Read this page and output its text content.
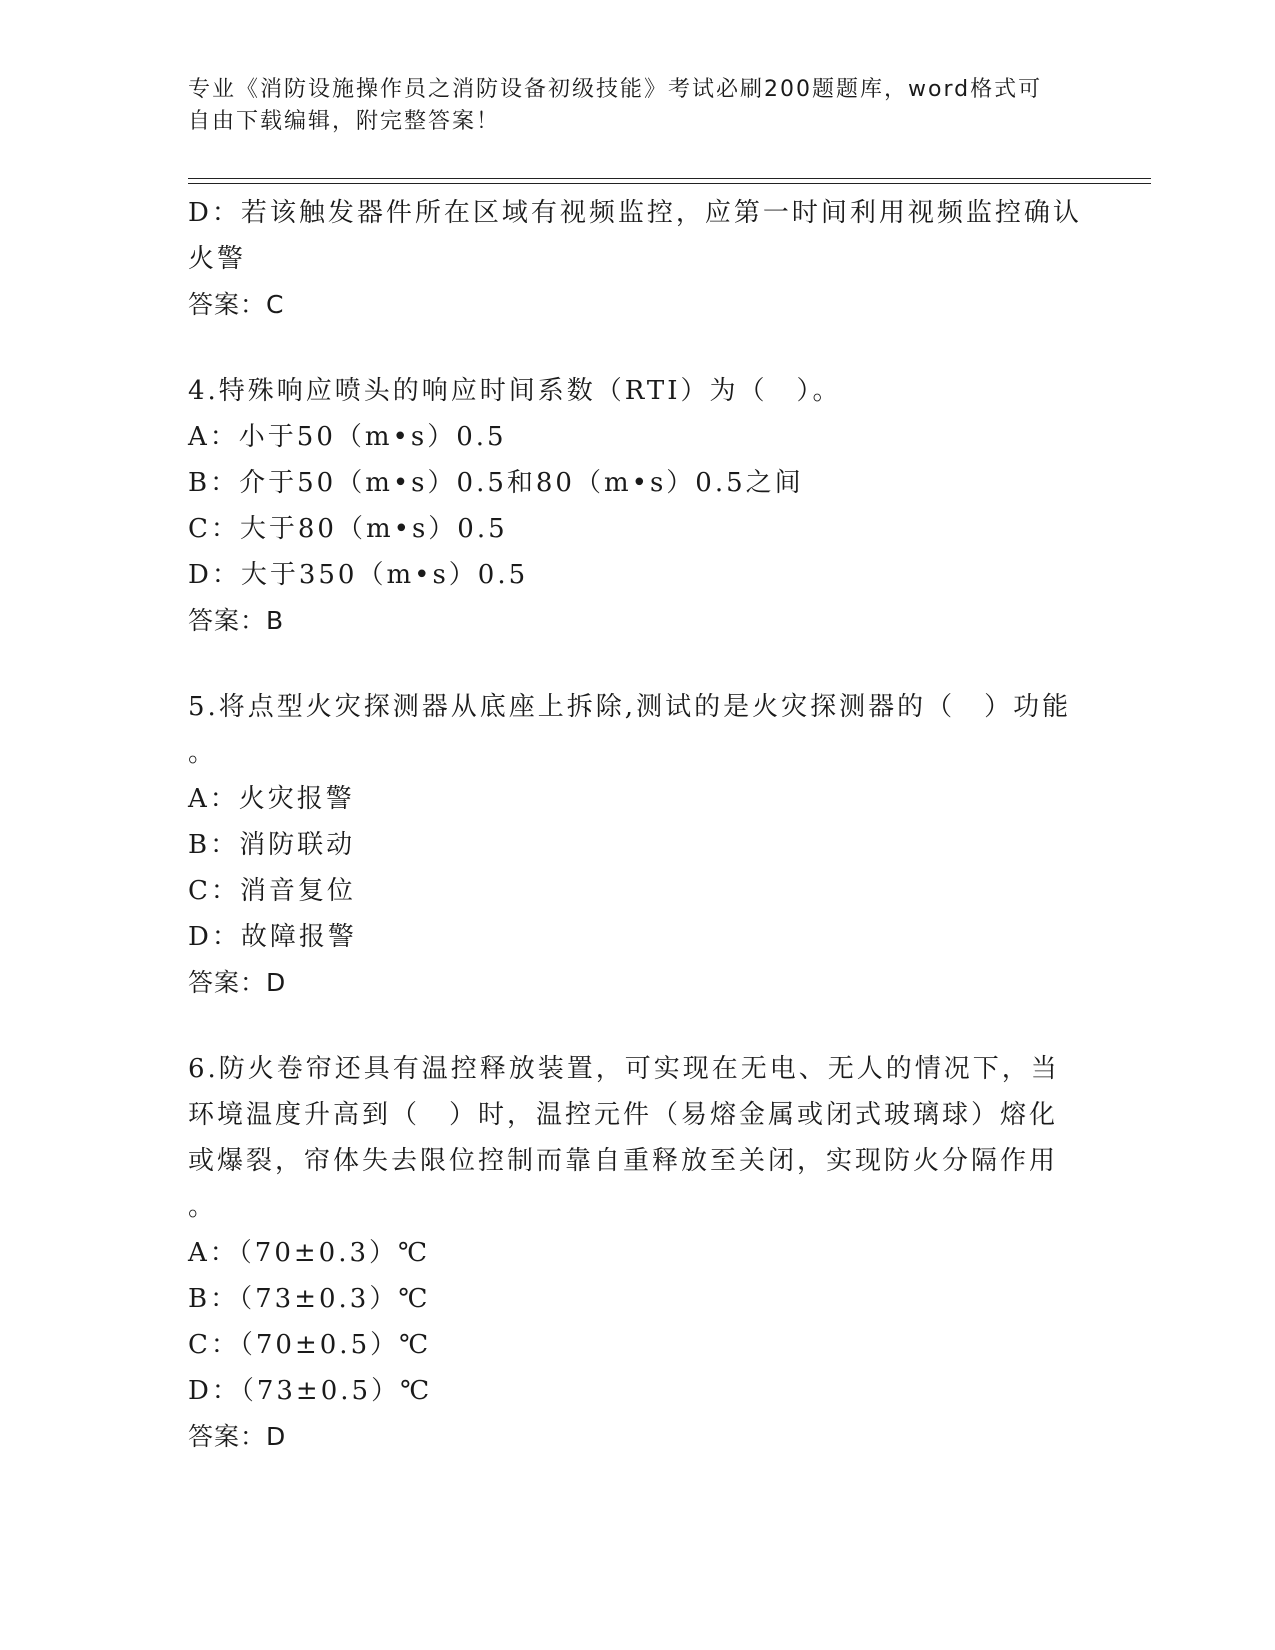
专业《消防设施操作员之消防设备初级技能》考试必刷200题题库，word格式可
自由下载编辑，附完整答案！
D：若该触发器件所在区域有视频监控，应第一时间利用视频监控确认
火警
答案：C
4.特殊响应喷头的响应时间系数（RTI）为（　）。
A：小于50（m•s）0.5
B：介于50（m•s）0.5和80（m•s）0.5之间
C：大于80（m•s）0.5
D：大于350（m•s）0.5
答案：B
5.将点型火灾探测器从底座上拆除,测试的是火灾探测器的（　）功能
。
A：火灾报警
B：消防联动
C：消音复位
D：故障报警
答案：D
6.防火卷帘还具有温控释放装置，可实现在无电、无人的情况下，当
环境温度升高到（　）时，温控元件（易熔金属或闭式玻璃球）熔化
或爆裂，帘体失去限位控制而靠自重释放至关闭，实现防火分隔作用
。
A：（70±0.3）℃
B：（73±0.3）℃
C：（70±0.5）℃
D：（73±0.5）℃
答案：D
